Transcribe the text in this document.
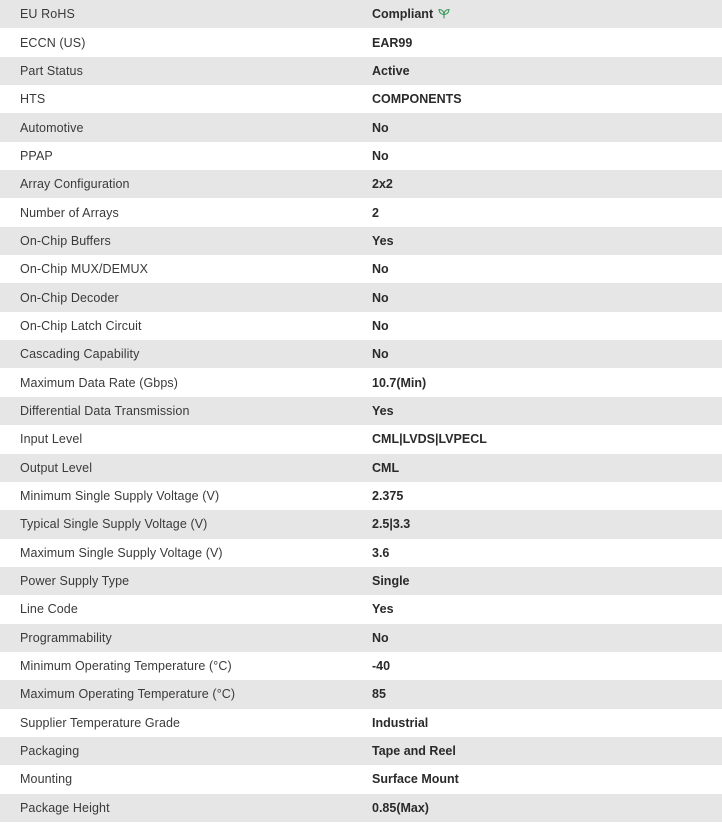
EU RoHS	Compliant
ECCN (US)	EAR99
Part Status	Active
HTS	COMPONENTS
Automotive	No
PPAP	No
Array Configuration	2x2
Number of Arrays	2
On-Chip Buffers	Yes
On-Chip MUX/DEMUX	No
On-Chip Decoder	No
On-Chip Latch Circuit	No
Cascading Capability	No
Maximum Data Rate (Gbps)	10.7(Min)
Differential Data Transmission	Yes
Input Level	CML|LVDS|LVPECL
Output Level	CML
Minimum Single Supply Voltage (V)	2.375
Typical Single Supply Voltage (V)	2.5|3.3
Maximum Single Supply Voltage (V)	3.6
Power Supply Type	Single
Line Code	Yes
Programmability	No
Minimum Operating Temperature (°C)	-40
Maximum Operating Temperature (°C)	85
Supplier Temperature Grade	Industrial
Packaging	Tape and Reel
Mounting	Surface Mount
Package Height	0.85(Max)
